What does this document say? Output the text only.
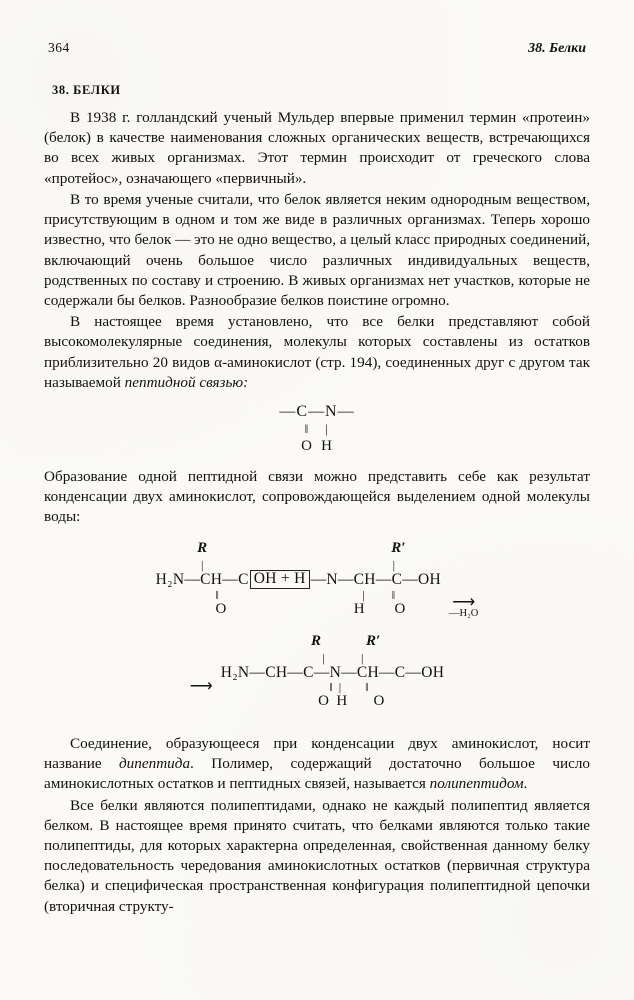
364	38. Белки
38. БЕЛКИ

В 1938 г. голландский ученый Мульдер впервые применил термин «протеин» (белок) в качестве наименования сложных органических веществ, встречающихся во всех живых организмах. Этот термин происходит от греческого слова «протейос», означающего «первичный».

В то время ученые считали, что белок является неким однородным веществом, присутствующим в одном и том же виде в различных организмах. Теперь хорошо известно, что белок — это не одно вещество, а целый класс природных соединений, включающий очень большое число различных индивидуальных веществ, родственных по составу и строению. В живых организмах нет участков, которые не содержали бы белков. Разнообразие белков поистине огромно.

В настоящее время установлено, что все белки представляют собой высокомолекулярные соединения, молекулы которых составлены из остатков приблизительно 20 видов α-аминокислот (стр. 194), соединенных друг с другом так называемой пептидной связью:

—C—N—
‖ |
O H

Образование одной пептидной связи можно представить себе как результат конденсации двух аминокислот, сопровождающейся выделением одной молекулы воды:

R
|
H₂N—CH—C
‖
O

OH + H

R′
|
—N—CH—C—OH
|         ‖
H O	⟶
—H₂O
⟶
R	R′
|            |
H₂N—CH—C—N—CH—C—OH
‖  |        ‖
O H O

Соединение, образующееся при конденсации двух аминокислот, носит название дипептида. Полимер, содержащий достаточно большое число аминокислотных остатков и пептидных связей, называется полипептидом.

Все белки являются полипептидами, однако не каждый полипептид является белком. В настоящее время принято считать, что белками являются только такие полипептиды, для которых характерна определенная, свойственная данному белку последовательность чередования аминокислотных остатков (первичная структура белка) и специфическая пространственная конфигурация полипептидной цепочки (вторичная структу-
